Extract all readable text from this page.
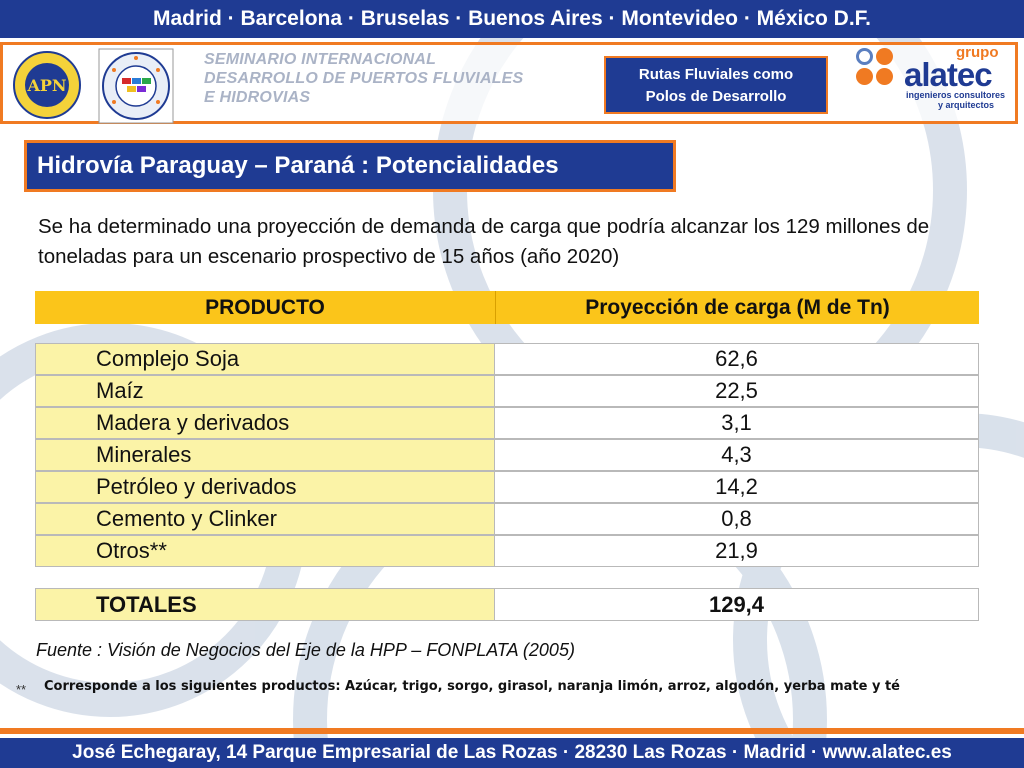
Madrid · Barcelona · Bruselas · Buenos Aires · Montevideo · México D.F.
APN
SEMINARIO INTERNACIONAL
DESARROLLO DE PUERTOS FLUVIALES
E HIDROVIAS
Rutas Fluviales como
Polos de Desarrollo
grupo
alatec
ingenieros consultores
y arquitectos
Hidrovía Paraguay – Paraná : Potencialidades
Se ha determinado una proyección de demanda de carga que podría alcanzar los 129 millones de toneladas para un escenario prospectivo de 15 años (año 2020)
PRODUCTO	Proyección de carga (M de Tn)
Complejo Soja	62,6
Maíz	22,5
Madera y derivados	3,1
Minerales	4,3
Petróleo y derivados	14,2
Cemento y Clinker	0,8
Otros**	21,9
TOTALES	129,4
Fuente : Visión de Negocios del Eje de la HPP – FONPLATA (2005)
** Corresponde a los siguientes productos: Azúcar, trigo, sorgo, girasol, naranja limón, arroz, algodón, yerba mate y té
José Echegaray, 14 Parque Empresarial de Las Rozas · 28230 Las Rozas · Madrid · www.alatec.es
